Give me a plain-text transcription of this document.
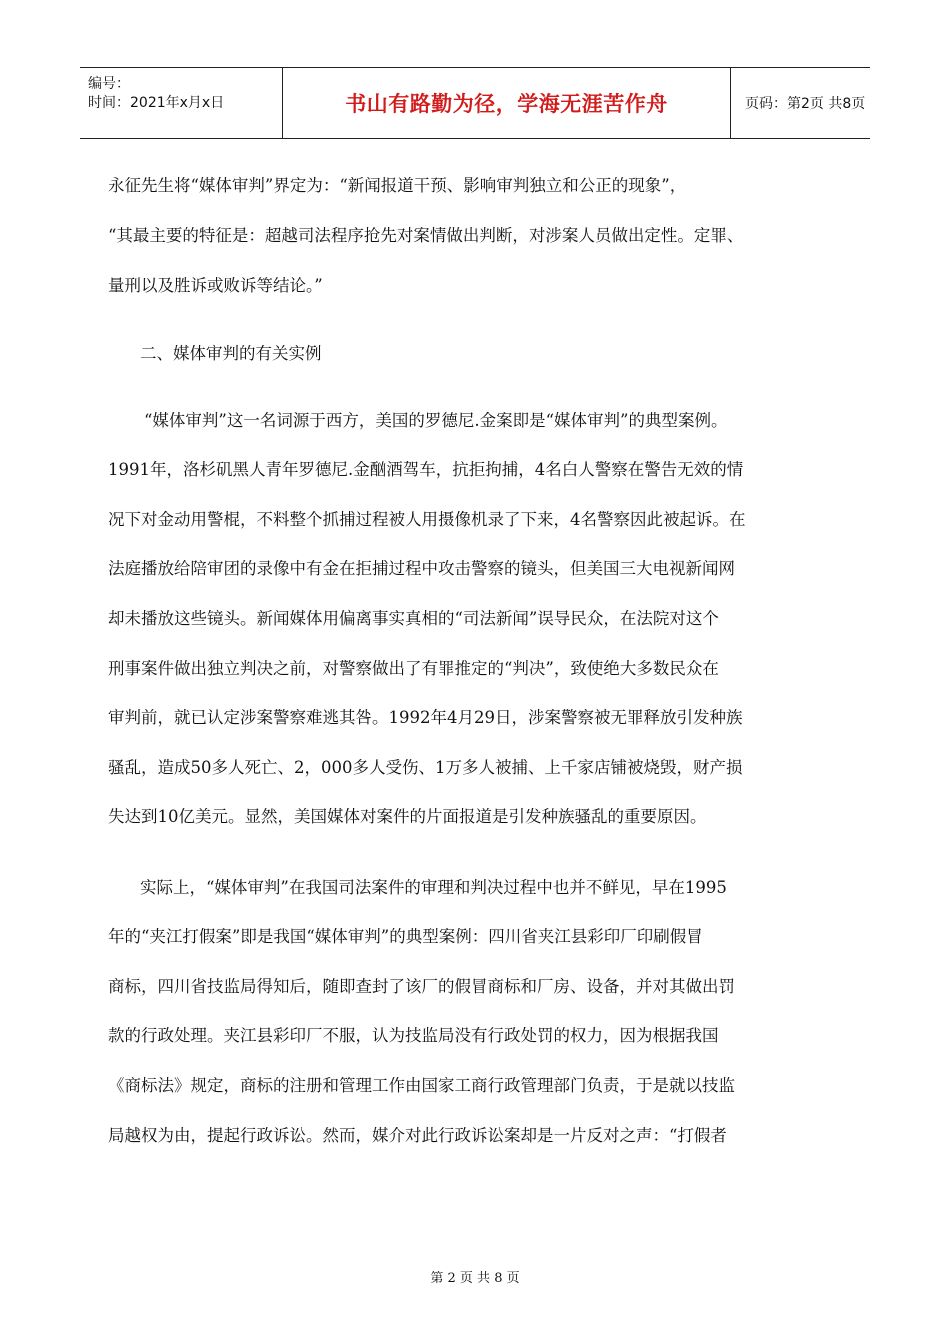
编号：
时间：2021年x月x日	书山有路勤为径，学海无涯苦作舟	页码：第2页 共8页
永征先生将“媒体审判”界定为：“新闻报道干预、影响审判独立和公正的现象”，
“其最主要的特征是：超越司法程序抢先对案情做出判断，对涉案人员做出定性。定罪、
量刑以及胜诉或败诉等结论。”
二、媒体审判的有关实例
“媒体审判”这一名词源于西方，美国的罗德尼.金案即是“媒体审判”的典型案例。
1991年，洛杉矶黑人青年罗德尼.金酗酒驾车，抗拒拘捕，4名白人警察在警告无效的情
况下对金动用警棍，不料整个抓捕过程被人用摄像机录了下来，4名警察因此被起诉。在
法庭播放给陪审团的录像中有金在拒捕过程中攻击警察的镜头，但美国三大电视新闻网
却未播放这些镜头。新闻媒体用偏离事实真相的“司法新闻”误导民众，在法院对这个
刑事案件做出独立判决之前，对警察做出了有罪推定的“判决”，致使绝大多数民众在
审判前，就已认定涉案警察难逃其咎。1992年4月29日，涉案警察被无罪释放引发种族
骚乱，造成50多人死亡、2，000多人受伤、1万多人被捕、上千家店铺被烧毁，财产损
失达到10亿美元。显然，美国媒体对案件的片面报道是引发种族骚乱的重要原因。
实际上，“媒体审判”在我国司法案件的审理和判决过程中也并不鲜见，早在1995
年的“夹江打假案”即是我国“媒体审判”的典型案例：四川省夹江县彩印厂印刷假冒
商标，四川省技监局得知后，随即查封了该厂的假冒商标和厂房、设备，并对其做出罚
款的行政处理。夹江县彩印厂不服，认为技监局没有行政处罚的权力，因为根据我国
《商标法》规定，商标的注册和管理工作由国家工商行政管理部门负责，于是就以技监
局越权为由，提起行政诉讼。然而，媒介对此行政诉讼案却是一片反对之声：“打假者
第 2 页 共 8 页
